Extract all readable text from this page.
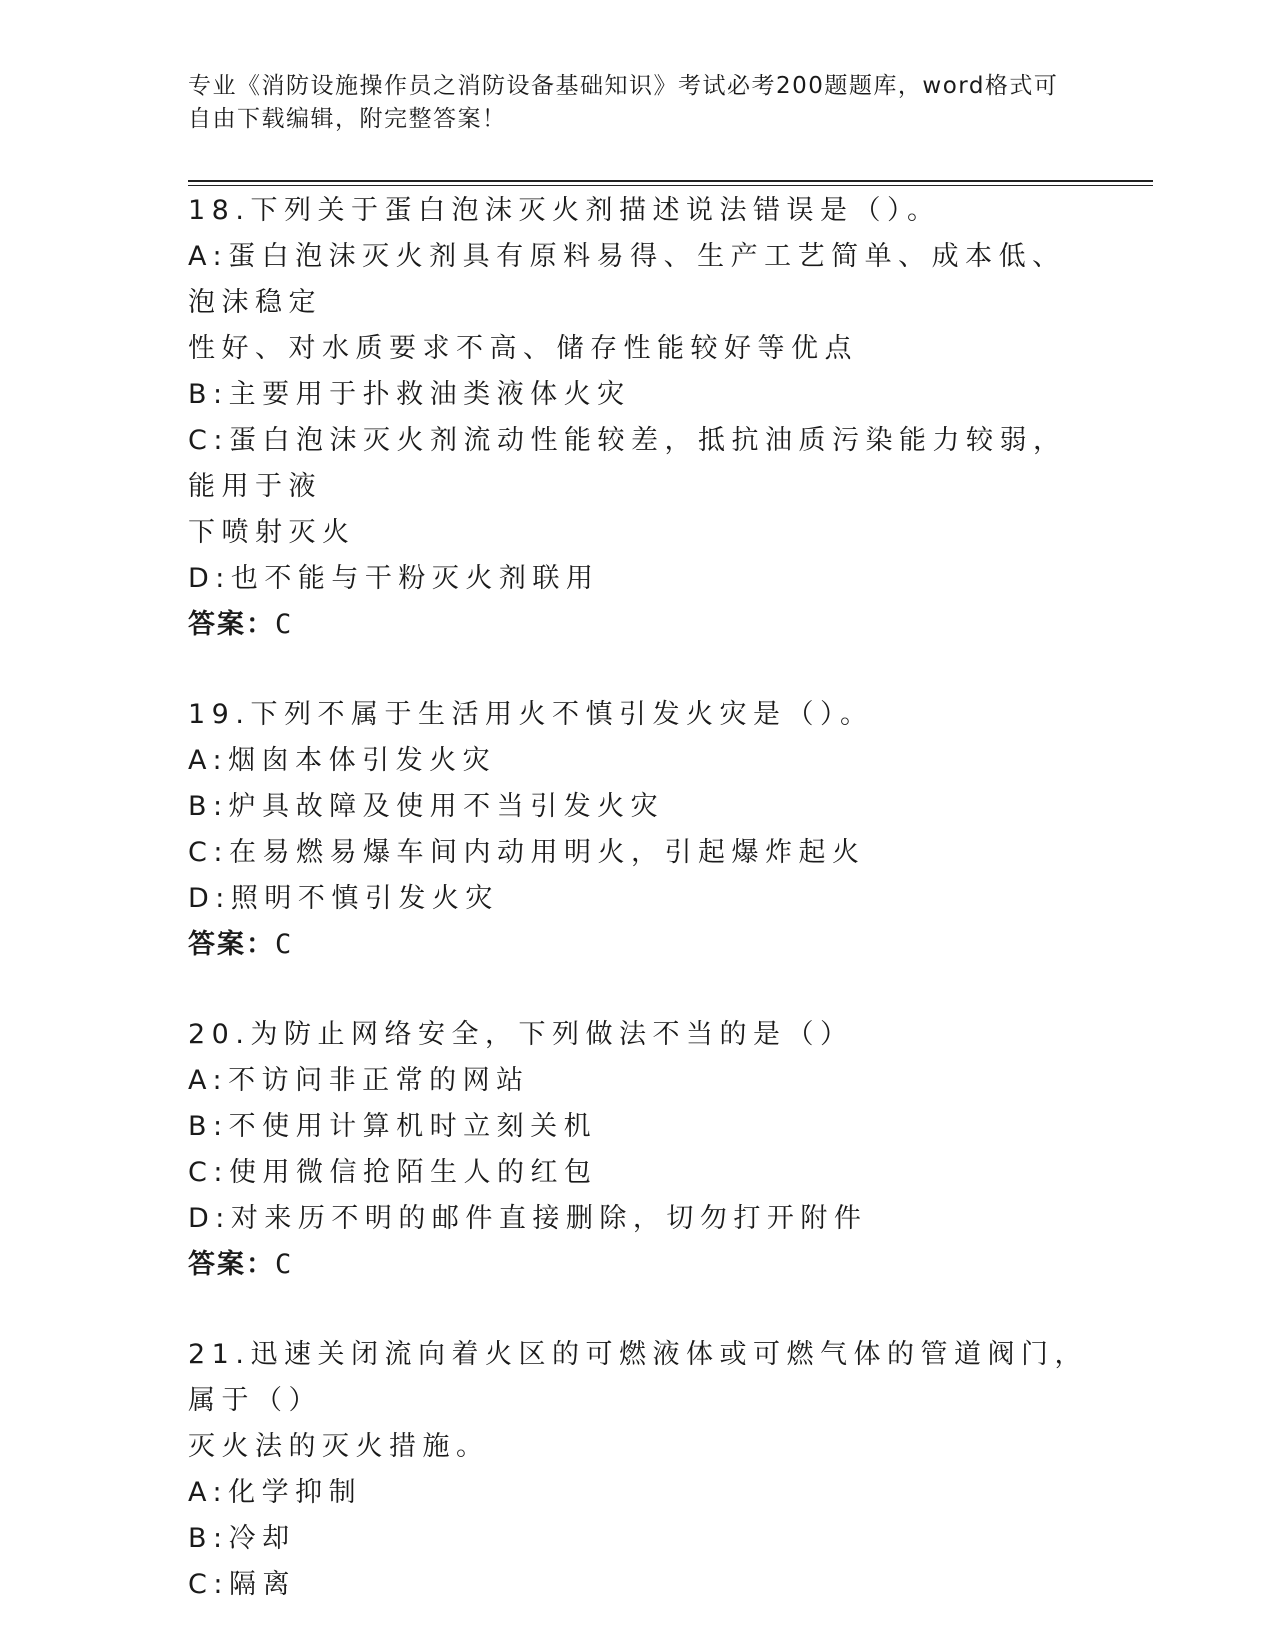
专业《消防设施操作员之消防设备基础知识》考试必考200题题库，word格式可
自由下载编辑，附完整答案！
18.下列关于蛋白泡沫灭火剂描述说法错误是（）。
A:蛋白泡沫灭火剂具有原料易得、生产工艺简单、成本低、泡沫稳定
性好、对水质要求不高、储存性能较好等优点
B:主要用于扑救油类液体火灾
C:蛋白泡沫灭火剂流动性能较差，抵抗油质污染能力较弱，能用于液
下喷射灭火
D:也不能与干粉灭火剂联用
答案：C
19.下列不属于生活用火不慎引发火灾是（）。
A:烟囱本体引发火灾
B:炉具故障及使用不当引发火灾
C:在易燃易爆车间内动用明火，引起爆炸起火
D:照明不慎引发火灾
答案：C
20.为防止网络安全，下列做法不当的是（）
A:不访问非正常的网站
B:不使用计算机时立刻关机
C:使用微信抢陌生人的红包
D:对来历不明的邮件直接删除，切勿打开附件
答案：C
21.迅速关闭流向着火区的可燃液体或可燃气体的管道阀门，属于（）
灭火法的灭火措施。
A:化学抑制
B:冷却
C:隔离
